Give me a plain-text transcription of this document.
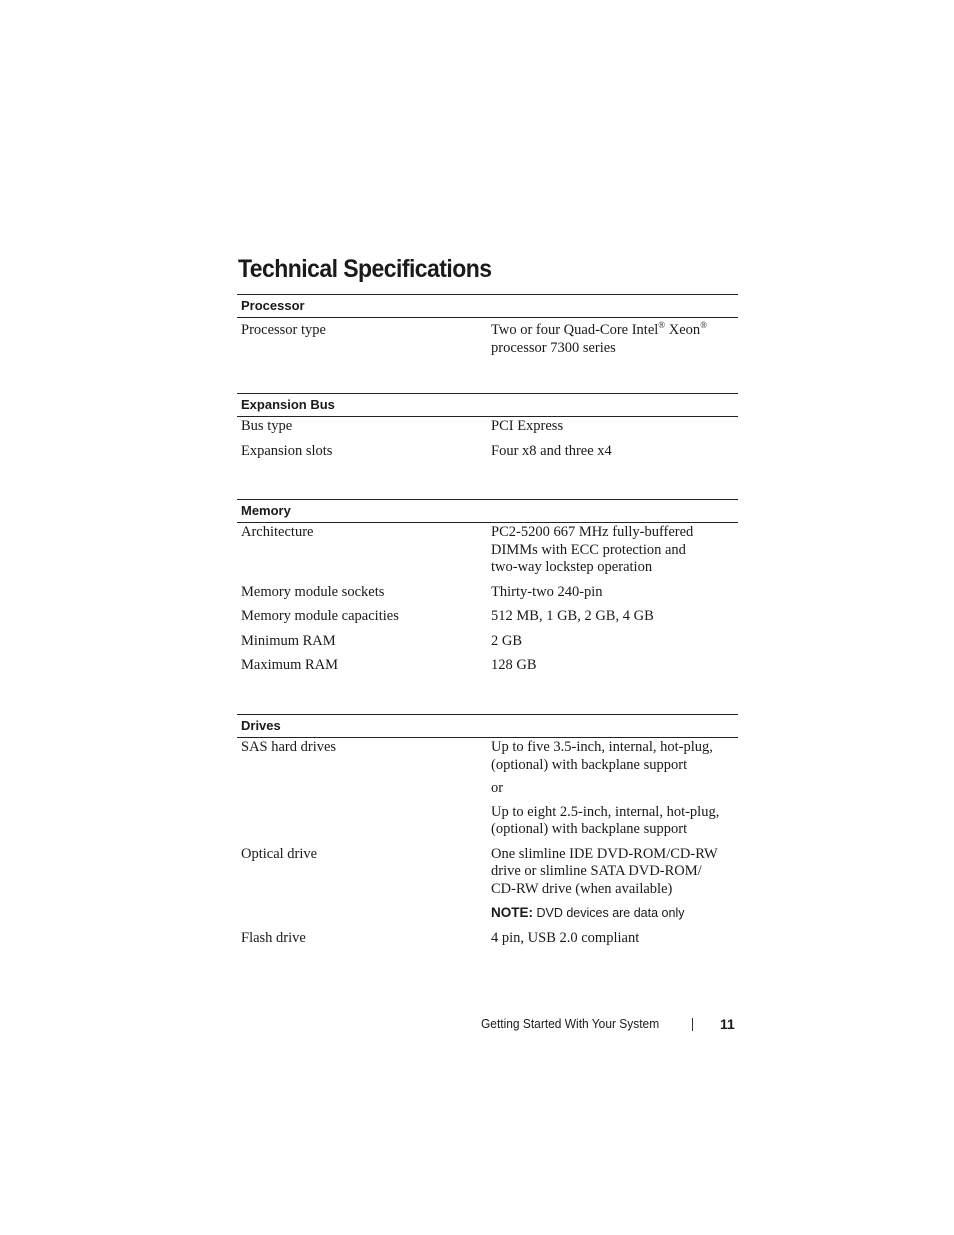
Technical Specifications
Processor
Processor type	Two or four Quad-Core Intel® Xeon®
processor 7300 series
Expansion Bus
Bus type	PCI Express
Expansion slots	Four x8 and three x4
Memory
Architecture	PC2-5200 667 MHz fully-buffered
DIMMs with ECC protection and
two-way lockstep operation
Memory module sockets	Thirty-two 240-pin
Memory module capacities	512 MB, 1 GB, 2 GB, 4 GB
Minimum RAM	2 GB
Maximum RAM	128 GB
Drives
SAS hard drives	Up to five 3.5-inch, internal, hot-plug,
(optional) with backplane support
or
Up to eight 2.5-inch, internal, hot-plug,
(optional) with backplane support
Optical drive	One slimline IDE DVD-ROM/CD-RW
drive or slimline SATA DVD-ROM/
CD-RW drive (when available)
NOTE: DVD devices are data only
Flash drive	4 pin, USB 2.0 compliant
Getting Started With Your System	11
